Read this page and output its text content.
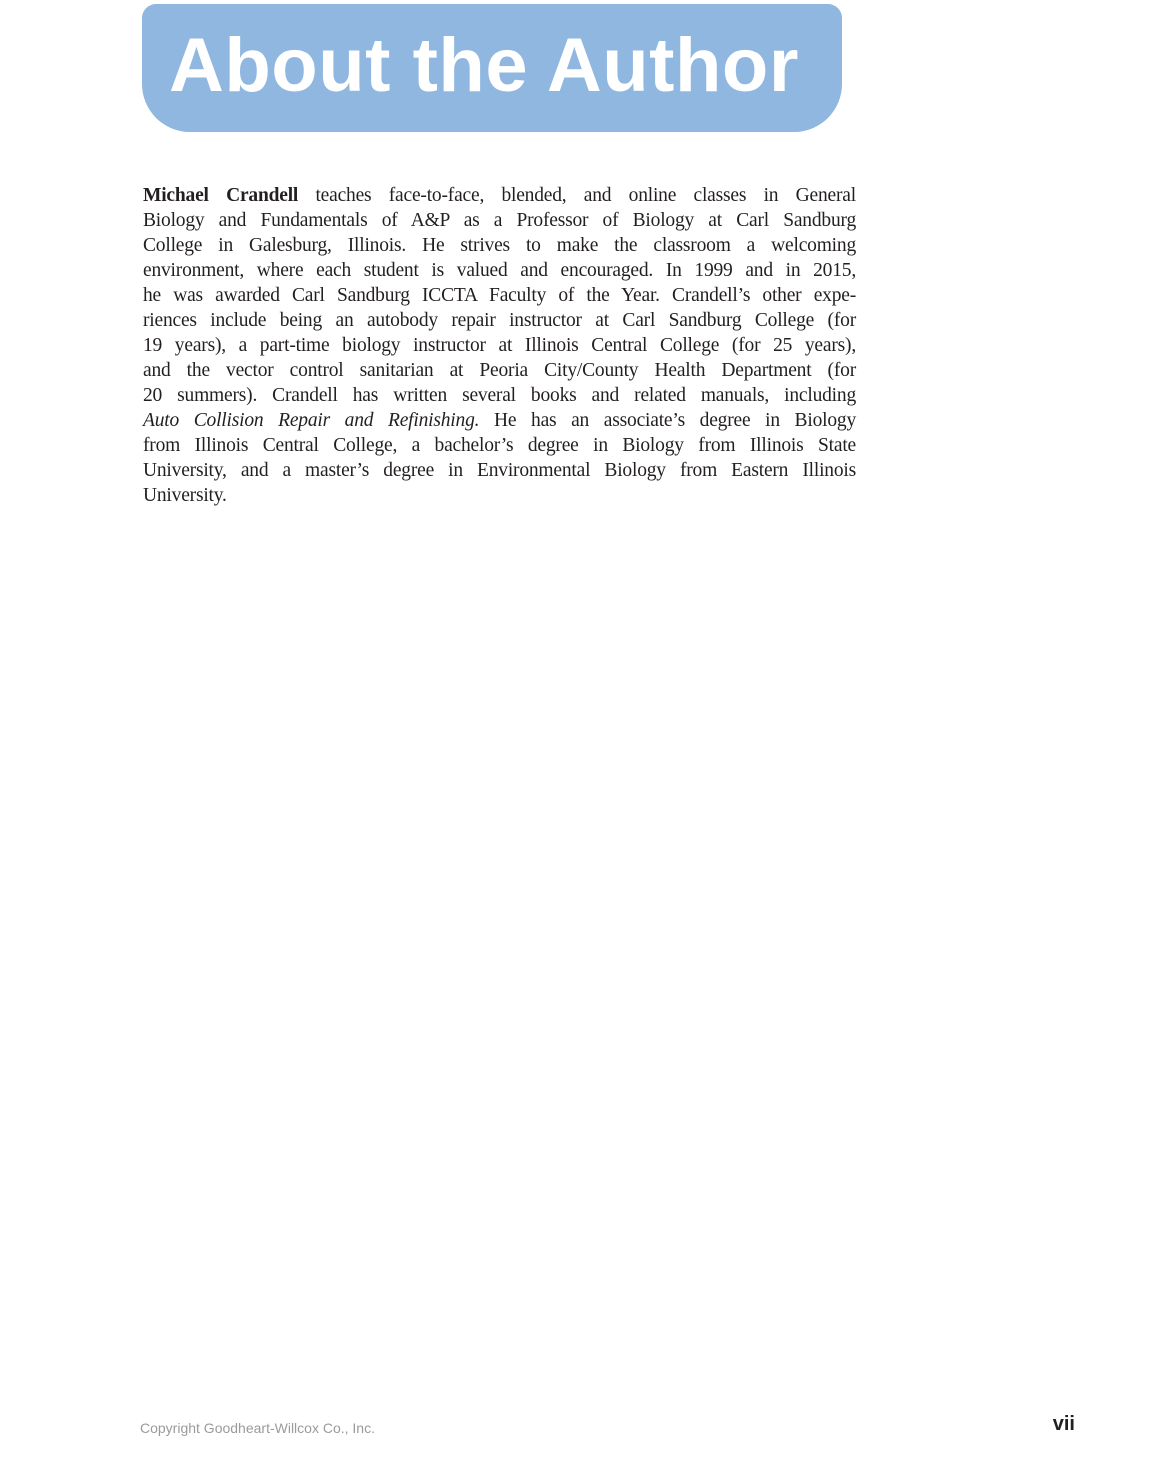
About the Author
Michael Crandell teaches face-to-face, blended, and online classes in General
Biology and Fundamentals of A&P as a Professor of Biology at Carl Sandburg
College in Galesburg, Illinois. He strives to make the classroom a welcoming
environment, where each student is valued and encouraged. In 1999 and in 2015,
he was awarded Carl Sandburg ICCTA Faculty of the Year. Crandell’s other expe-
riences include being an autobody repair instructor at Carl Sandburg College (for
19 years), a part-time biology instructor at Illinois Central College (for 25 years),
and the vector control sanitarian at Peoria City/County Health Department (for
20 summers). Crandell has written several books and related manuals, including
Auto Collision Repair and Refinishing. He has an associate’s degree in Biology
from Illinois Central College, a bachelor’s degree in Biology from Illinois State
University, and a master’s degree in Environmental Biology from Eastern Illinois
University.
Copyright Goodheart-Willcox Co., Inc.	vii
